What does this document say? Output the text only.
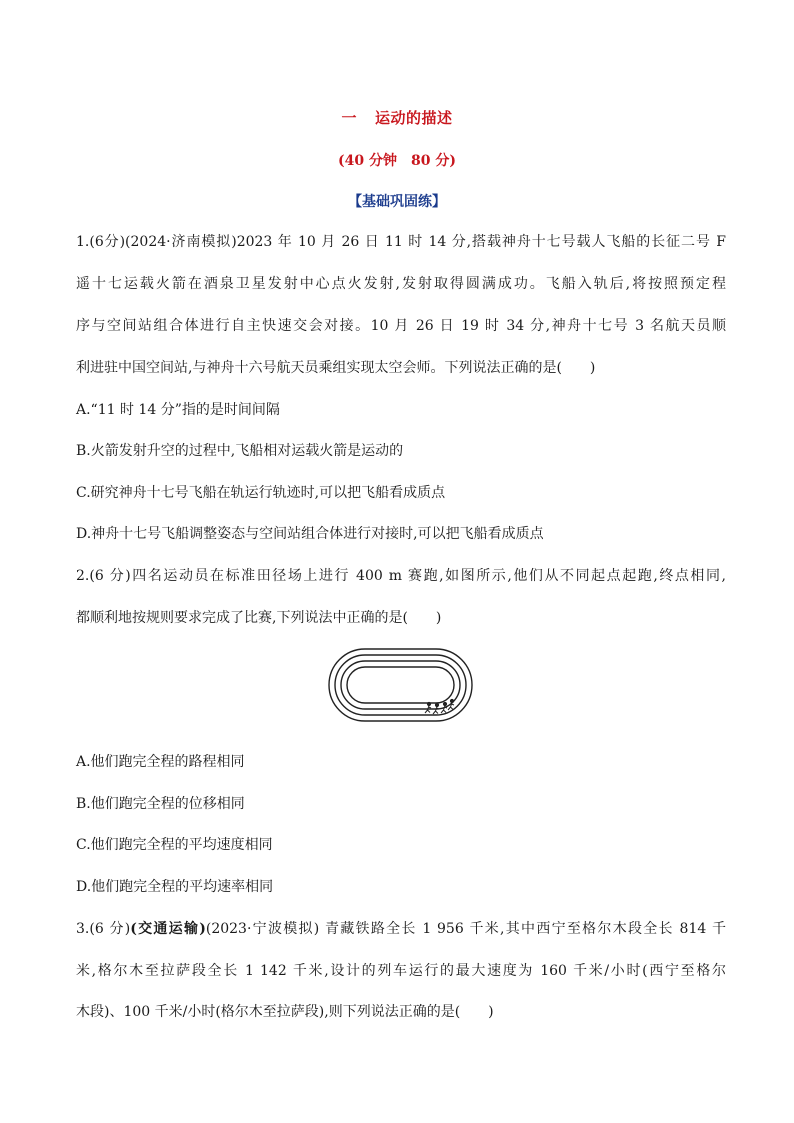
一 运动的描述
(40 分钟 80 分)
【基础巩固练】
1.(6分)(2024·济南模拟)2023 年 10 月 26 日 11 时 14 分,搭载神舟十七号载人飞船的长征二号 F
遥十七运载火箭在酒泉卫星发射中心点火发射,发射取得圆满成功。飞船入轨后,将按照预定程
序与空间站组合体进行自主快速交会对接。10 月 26 日 19 时 34 分,神舟十七号 3 名航天员顺
利进驻中国空间站,与神舟十六号航天员乘组实现太空会师。下列说法正确的是(　　)
A.“11 时 14 分”指的是时间间隔
B.火箭发射升空的过程中,飞船相对运载火箭是运动的
C.研究神舟十七号飞船在轨运行轨迹时,可以把飞船看成质点
D.神舟十七号飞船调整姿态与空间站组合体进行对接时,可以把飞船看成质点
2.(6 分)四名运动员在标准田径场上进行 400 m 赛跑,如图所示,他们从不同起点起跑,终点相同,
都顺利地按规则要求完成了比赛,下列说法中正确的是(　　)
A.他们跑完全程的路程相同
B.他们跑完全程的位移相同
C.他们跑完全程的平均速度相同
D.他们跑完全程的平均速率相同
3.(6 分)(交通运输)(2023·宁波模拟) 青藏铁路全长 1 956 千米,其中西宁至格尔木段全长 814 千
米,格尔木至拉萨段全长 1 142 千米,设计的列车运行的最大速度为 160 千米/小时(西宁至格尔
木段)、100 千米/小时(格尔木至拉萨段),则下列说法正确的是(　　)
